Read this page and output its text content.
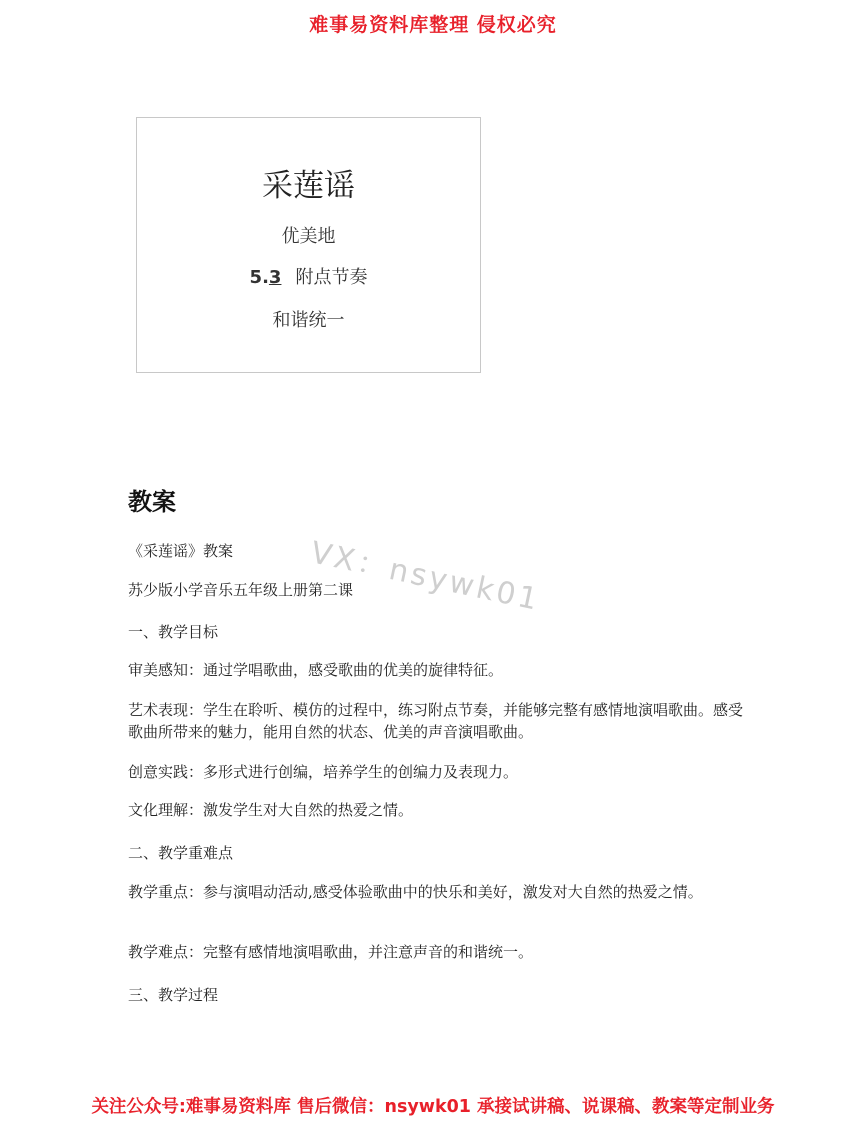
难事易资料库整理 侵权必究
采莲谣
优美地
5.3 附点节奏
和谐统一
VX：nsywk01
教案
《采莲谣》教案
苏少版小学音乐五年级上册第二课
一、教学目标
审美感知：通过学唱歌曲，感受歌曲的优美的旋律特征。
艺术表现：学生在聆听、模仿的过程中，练习附点节奏，并能够完整有感情地演唱歌曲。感受歌曲所带来的魅力，能用自然的状态、优美的声音演唱歌曲。
创意实践：多形式进行创编，培养学生的创编力及表现力。
文化理解：激发学生对大自然的热爱之情。
二、教学重难点
教学重点：参与演唱动活动,感受体验歌曲中的快乐和美好，激发对大自然的热爱之情。
教学难点：完整有感情地演唱歌曲，并注意声音的和谐统一。
三、教学过程
关注公众号:难事易资料库 售后微信：nsywk01 承接试讲稿、说课稿、教案等定制业务
